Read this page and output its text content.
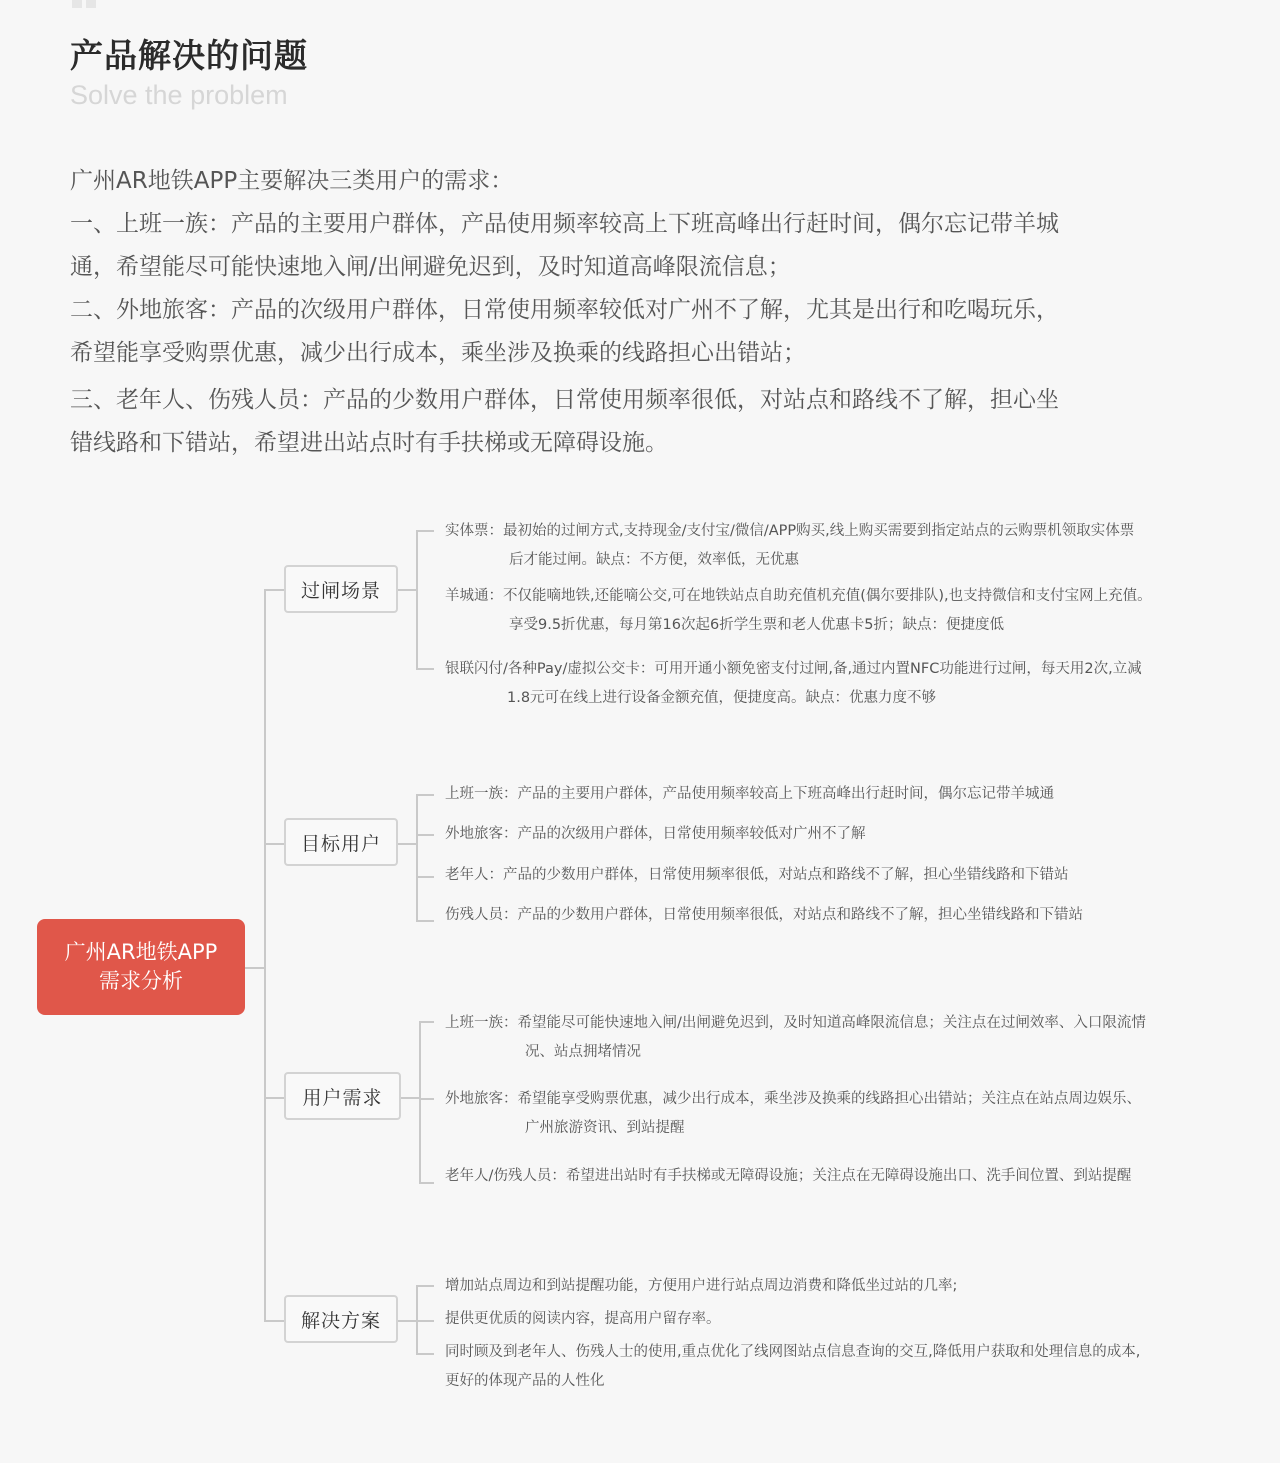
产品解决的问题
Solve the problem

广州AR地铁APP主要解决三类用户的需求：

一、上班一族：产品的主要用户群体，产品使用频率较高上下班高峰出行赶时间，偶尔忘记带羊城

通，希望能尽可能快速地入闸/出闸避免迟到，及时知道高峰限流信息；

二、外地旅客：产品的次级用户群体，日常使用频率较低对广州不了解，尤其是出行和吃喝玩乐，

希望能享受购票优惠，减少出行成本，乘坐涉及换乘的线路担心出错站；

三、老年人、伤残人员：产品的少数用户群体，日常使用频率很低，对站点和路线不了解，担心坐

错线路和下错站，希望进出站点时有手扶梯或无障碍设施。

广州AR地铁APP
需求分析
过闸场景
实体票：最初始的过闸方式,支持现金/支付宝/微信/APP购买,线上购买需要到指定站点的云购票机领取实体票
后才能过闸。缺点：不方便，效率低，无优惠
羊城通：不仅能嘀地铁,还能嘀公交,可在地铁站点自助充值机充值(偶尔要排队),也支持微信和支付宝网上充值。
享受9.5折优惠，每月第16次起6折学生票和老人优惠卡5折；缺点：便捷度低
银联闪付/各种Pay/虚拟公交卡：可用开通小额免密支付过闸,备,通过内置NFC功能进行过闸，每天用2次,立减
1.8元可在线上进行设备金额充值，便捷度高。缺点：优惠力度不够
目标用户
上班一族：产品的主要用户群体，产品使用频率较高上下班高峰出行赶时间，偶尔忘记带羊城通
外地旅客：产品的次级用户群体，日常使用频率较低对广州不了解
老年人：产品的少数用户群体，日常使用频率很低，对站点和路线不了解，担心坐错线路和下错站
伤残人员：产品的少数用户群体，日常使用频率很低，对站点和路线不了解，担心坐错线路和下错站
用户需求
上班一族：希望能尽可能快速地入闸/出闸避免迟到，及时知道高峰限流信息；关注点在过闸效率、入口限流情
况、站点拥堵情况
外地旅客：希望能享受购票优惠，减少出行成本，乘坐涉及换乘的线路担心出错站；关注点在站点周边娱乐、
广州旅游资讯、到站提醒
老年人/伤残人员：希望进出站时有手扶梯或无障碍设施；关注点在无障碍设施出口、洗手间位置、到站提醒
解决方案
增加站点周边和到站提醒功能，方便用户进行站点周边消费和降低坐过站的几率;
提供更优质的阅读内容，提高用户留存率。
同时顾及到老年人、伤残人士的使用,重点优化了线网图站点信息查询的交互,降低用户获取和处理信息的成本,
更好的体现产品的人性化
